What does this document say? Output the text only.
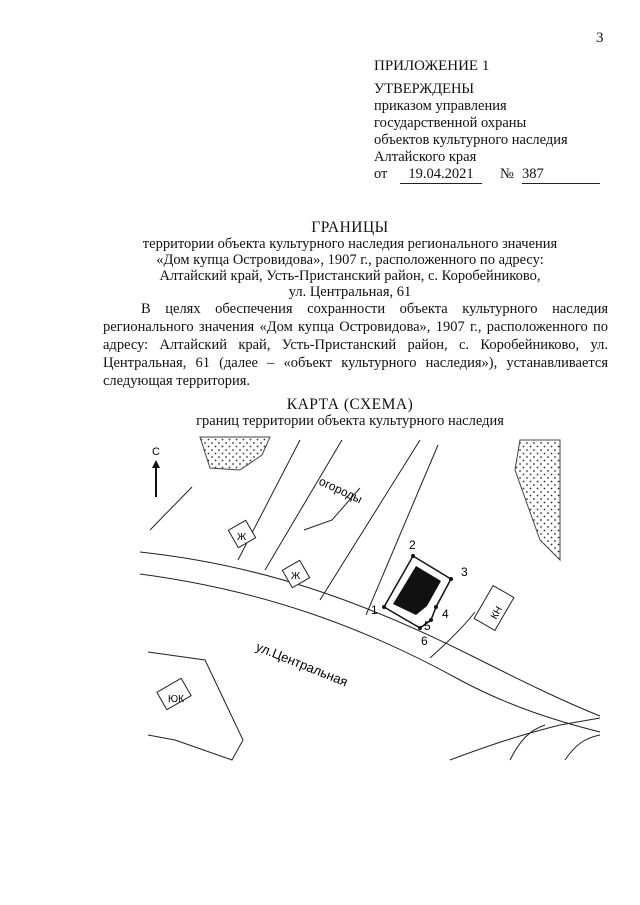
3
ПРИЛОЖЕНИЕ 1
УТВЕРЖДЕНЫ
приказом управления
государственной охраны
объектов культурного наследия
Алтайского края
от	19.04.2021	№ 387
ГРАНИЦЫ
территории объекта культурного наследия регионального значения
«Дом купца Островидова», 1907 г., расположенного по адресу:
Алтайский край, Усть-Пристанский район, с. Коробейниково,
ул. Центральная, 61
В целях обеспечения сохранности объекта культурного наследия регионального значения «Дом купца Островидова», 1907 г., расположенного по адресу: Алтайский край, Усть-Пристанский район, с. Коробейниково, ул. Центральная, 61 (далее – «объект культурного наследия»), устанавливается следующая территория.
КАРТА (СХЕМА)
границ территории объекта культурного наследия
С
ул.Центральная
огороды
Ж
Ж
1
2
3
4
5
6
КН
ЮК
